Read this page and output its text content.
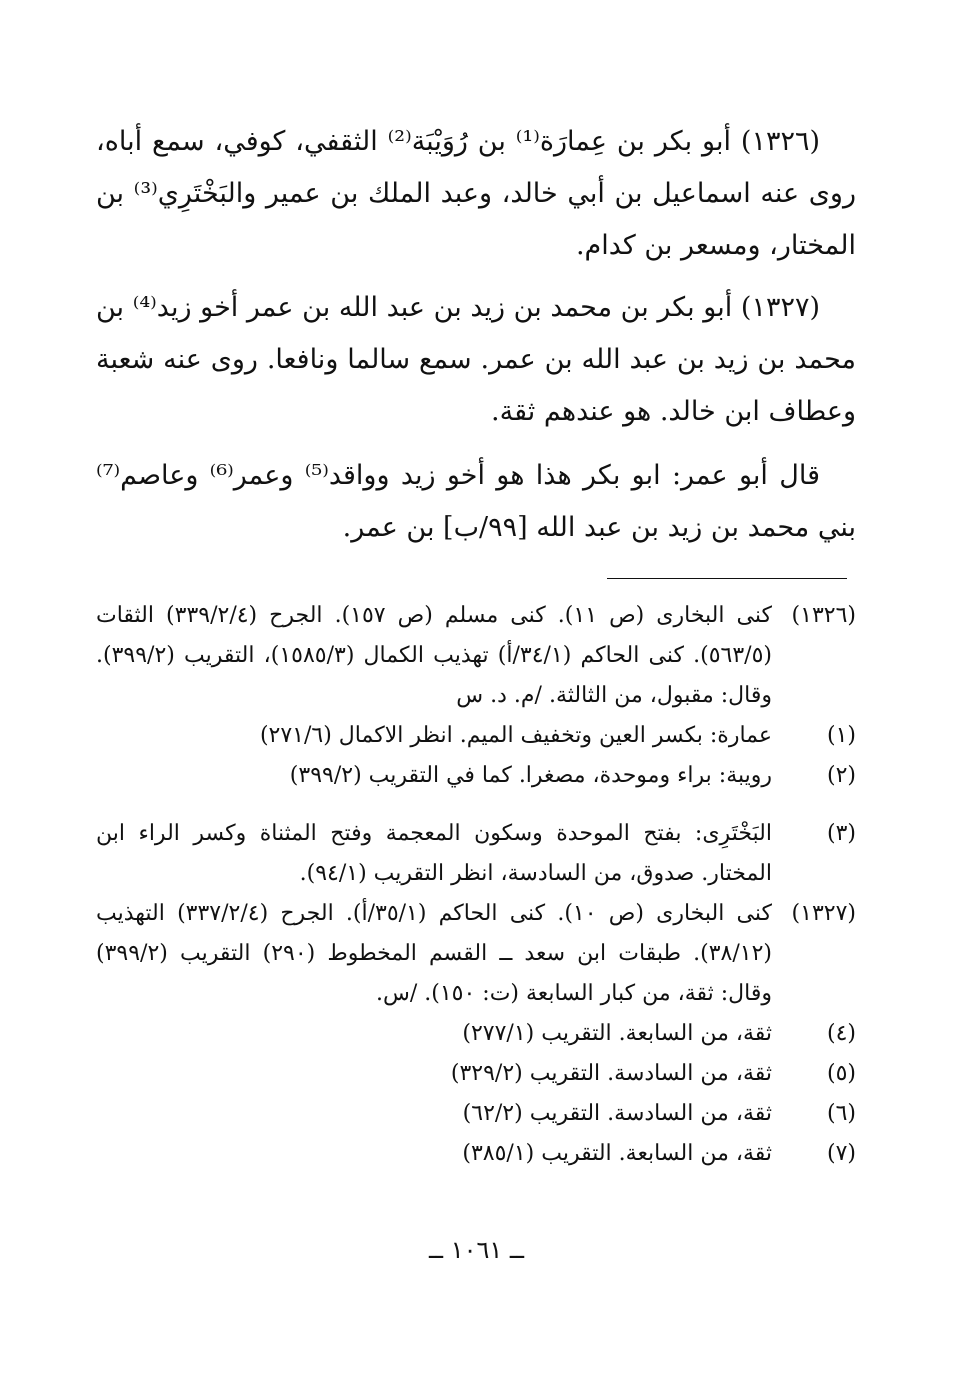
(١٣٢٦) أبو بكر بن عِمارَة⁽¹⁾ بن رُوَيْبَة⁽²⁾ الثقفي، كوفي، سمع أباه، روى عنه اسماعيل بن أبي خالد، وعبد الملك بن عمير والبَخْتَرِي⁽³⁾ بن المختار، ومسعر بن كدام.

(١٣٢٧) أبو بكر بن محمد بن زيد بن عبد الله بن عمر أخو زيد⁽⁴⁾ بن محمد بن زيد بن عبد الله بن عمر. سمع سالما ونافعا. روى عنه شعبة وعطاف ابن خالد. هو عندهم ثقة.

قال أبو عمر: ابو بكر هذا هو أخو زيد وواقد⁽⁵⁾ وعمر⁽⁶⁾ وعاصم⁽⁷⁾ بني محمد بن زيد بن عبد الله [٩٩/ب] بن عمر.

(١٣٢٦)
كنى البخارى (ص ١١). كنى مسلم (ص ١٥٧). الجرح (٣٣٩/٢/٤) الثقات (٥٦٣/٥). كنى الحاكم (٣٤/١/أ) تهذيب الكمال (١٥٨٥/٣)، التقريب (٣٩٩/٢). وقال: مقبول، من الثالثة. /م. د. س
(١)
عمارة: بكسر العين وتخفيف الميم. انظر الاكمال (٢٧١/٦)
(٢)
رويبة: براء وموحدة، مصغرا. كما في التقريب (٣٩٩/٢)
(٣)
البَخْتَرِى: بفتح الموحدة وسكون المعجمة وفتح المثناة وكسر الراء ابن المختار. صدوق، من السادسة، انظر التقريب (٩٤/١).
(١٣٢٧)
كنى البخارى (ص ١٠). كنى الحاكم (٣٥/١/أ). الجرح (٣٣٧/٢/٤) التهذيب (٣٨/١٢). طبقات ابن سعد ــ القسم المخطوط (٢٩٠) التقريب (٣٩٩/٢) وقال: ثقة، من كبار السابعة (ت: ١٥٠). /س.
(٤)
ثقة، من السابعة. التقريب (٢٧٧/١)
(٥)
ثقة، من السادسة. التقريب (٣٢٩/٢)
(٦)
ثقة، من السادسة. التقريب (٦٢/٢)
(٧)
ثقة، من السابعة. التقريب (٣٨٥/١)
ــ ١٠٦١ ــ
